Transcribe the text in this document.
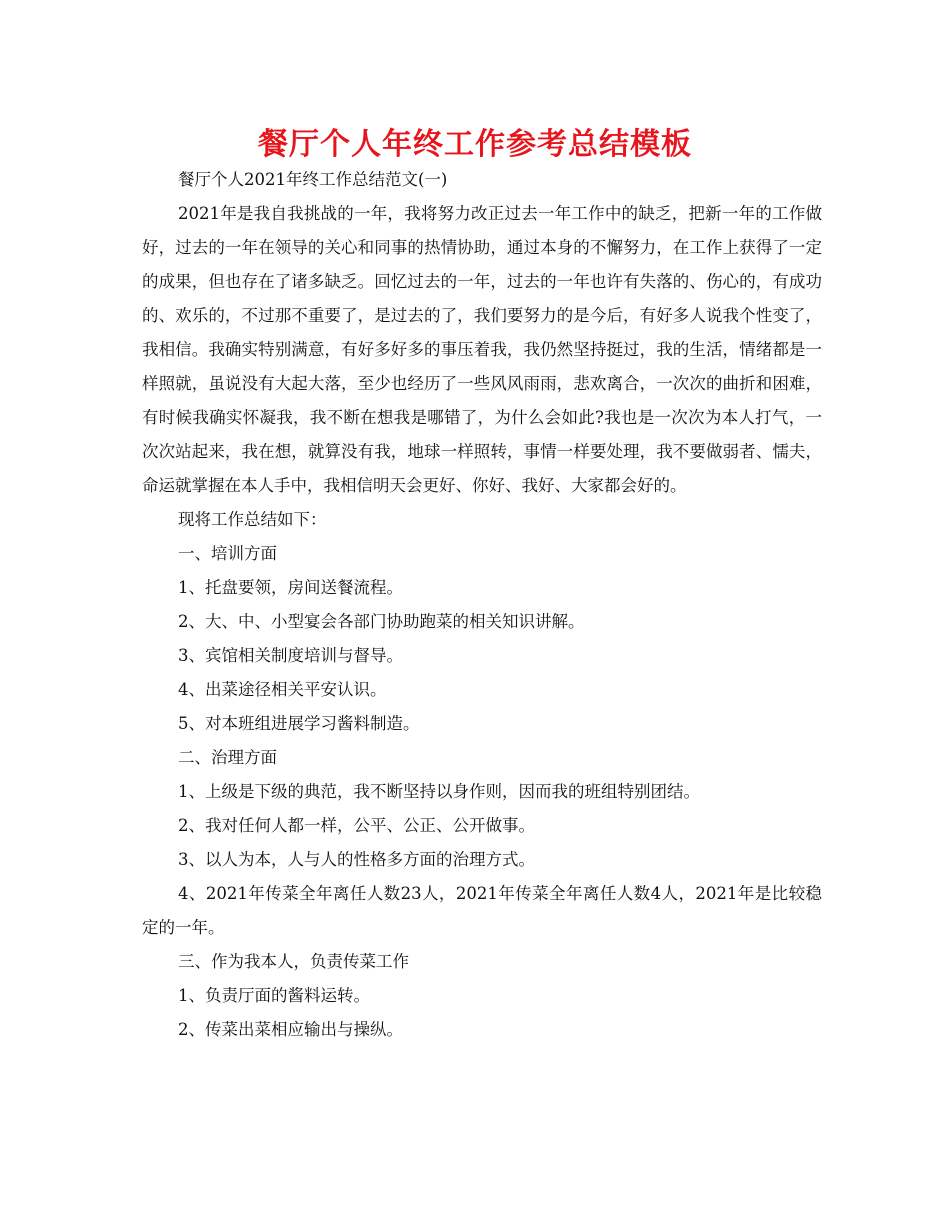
餐厅个人年终工作参考总结模板

餐厅个人2021年终工作总结范文(一)

2021年是我自我挑战的一年，我将努力改正过去一年工作中的缺乏，把新一年的工作做好，过去的一年在领导的关心和同事的热情协助，通过本身的不懈努力，在工作上获得了一定的成果，但也存在了诸多缺乏。回忆过去的一年，过去的一年也许有失落的、伤心的，有成功的、欢乐的，不过那不重要了，是过去的了，我们要努力的是今后，有好多人说我个性变了，我相信。我确实特别满意，有好多好多的事压着我，我仍然坚持挺过，我的生活，情绪都是一样照就，虽说没有大起大落，至少也经历了一些风风雨雨，悲欢离合，一次次的曲折和困难，有时候我确实怀凝我，我不断在想我是哪错了，为什么会如此?我也是一次次为本人打气，一次次站起来，我在想，就算没有我，地球一样照转，事情一样要处理，我不要做弱者、懦夫，命运就掌握在本人手中，我相信明天会更好、你好、我好、大家都会好的。

现将工作总结如下：

一、培训方面

1、托盘要领，房间送餐流程。

2、大、中、小型宴会各部门协助跑菜的相关知识讲解。

3、宾馆相关制度培训与督导。

4、出菜途径相关平安认识。

5、对本班组进展学习酱料制造。

二、治理方面

1、上级是下级的典范，我不断坚持以身作则，因而我的班组特别团结。

2、我对任何人都一样，公平、公正、公开做事。

3、以人为本，人与人的性格多方面的治理方式。

4、2021年传菜全年离任人数23人，2021年传菜全年离任人数4人，2021年是比较稳定的一年。

三、作为我本人，负责传菜工作

1、负责厅面的酱料运转。

2、传菜出菜相应输出与操纵。
